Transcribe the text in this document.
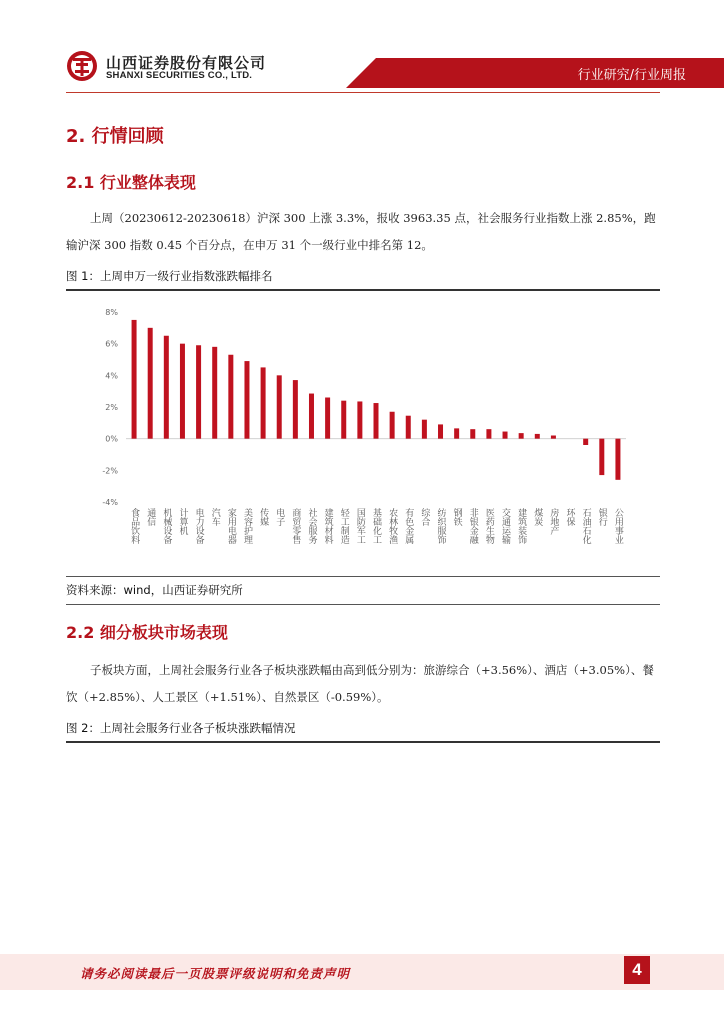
山西证券股份有限公司
SHANXI SECURITIES CO., LTD.	行业研究/行业周报
2. 行情回顾
2.1 行业整体表现
上周（20230612-20230618）沪深 300 上涨 3.3%，报收 3963.35 点，社会服务行业指数上涨 2.85%，跑输沪深 300 指数 0.45 个百分点，在申万 31 个一级行业中排名第 12。
图 1：上周申万一级行业指数涨跌幅排名
8%
6%
4%
2%
0%
-2%
-4%
食品饮料 通信 机械设备 计算机 电力设备 汽车 家用电器 美容护理 传媒 电子 商贸零售 社会服务 建筑材料 轻工制造 国防军工 基础化工 农林牧渔 有色金属 综合 纺织服饰 钢铁 非银金融 医药生物 交通运输 建筑装饰 煤炭 房地产 环保 石油石化 银行 公用事业
资料来源：wind，山西证券研究所
2.2 细分板块市场表现
子板块方面，上周社会服务行业各子板块涨跌幅由高到低分别为：旅游综合（+3.56%）、酒店（+3.05%）、餐饮（+2.85%）、人工景区（+1.51%）、自然景区（-0.59%）。
图 2：上周社会服务行业各子板块涨跌幅情况
请务必阅读最后一页股票评级说明和免责声明	4
